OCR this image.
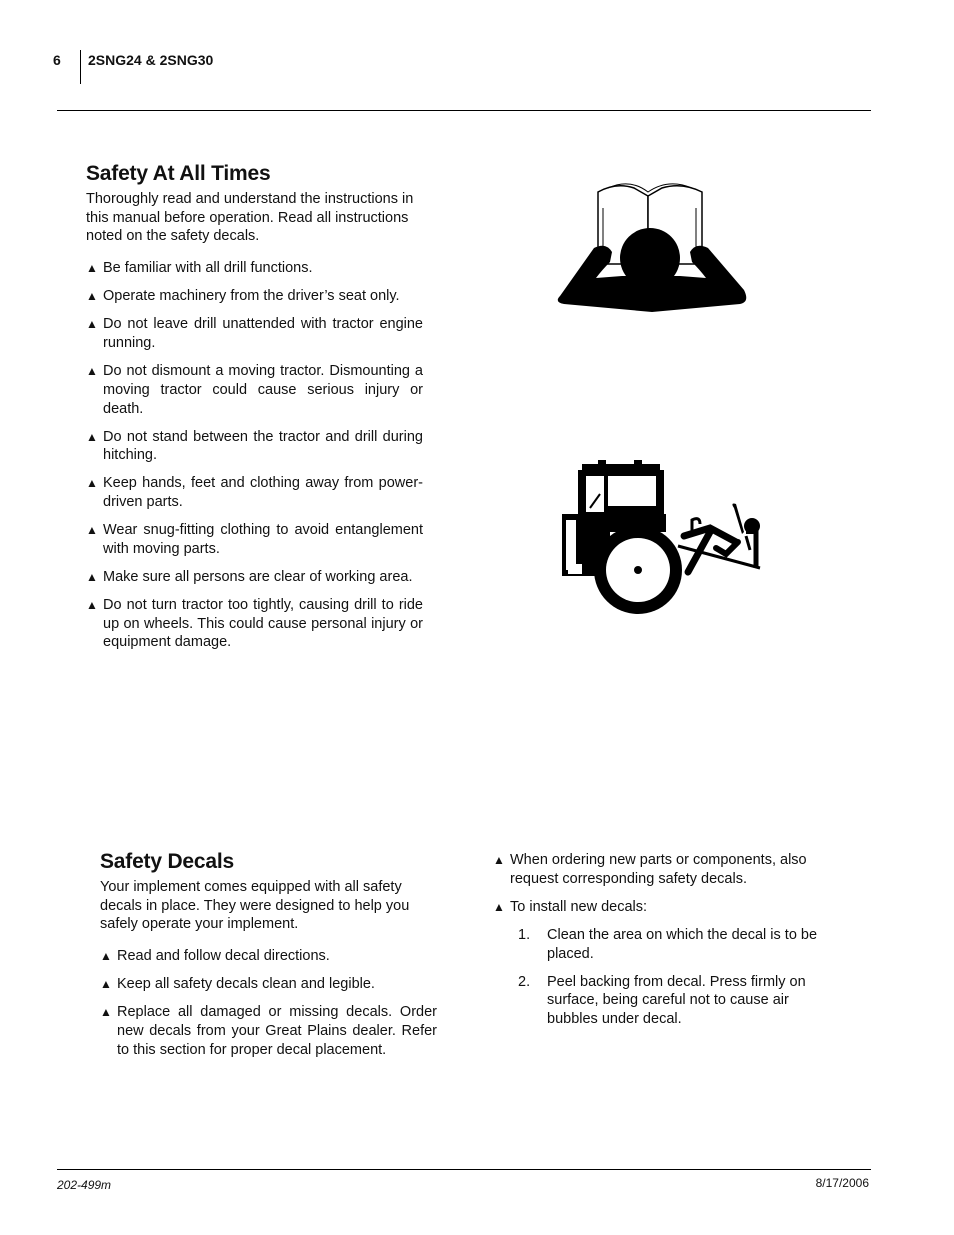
6 2SNG24 & 2SNG30
Safety At All Times

Thoroughly read and understand the instructions in this manual before operation. Read all instructions noted on the safety decals.

▲ Be familiar with all drill functions.
▲ Operate machinery from the driver’s seat only.
▲ Do not leave drill unattended with tractor engine running.
▲ Do not dismount a moving tractor. Dismounting a moving tractor could cause serious injury or death.
▲ Do not stand between the tractor and drill during hitching.
▲ Keep hands, feet and clothing away from power-driven parts.
▲ Wear snug-fitting clothing to avoid entanglement with moving parts.
▲ Make sure all persons are clear of working area.
▲ Do not turn tractor too tightly, causing drill to ride up on wheels. This could cause personal injury or equipment damage.
Safety Decals

Your implement comes equipped with all safety decals in place. They were designed to help you safely operate your implement.

▲ Read and follow decal directions.
▲ Keep all safety decals clean and legible.
▲ Replace all damaged or missing decals. Order new decals from your Great Plains dealer. Refer to this section for proper decal placement.
▲ When ordering new parts or components, also request corresponding safety decals.
▲ To install new decals:
1. Clean the area on which the decal is to be placed.
2. Peel backing from decal. Press firmly on surface, being careful not to cause air bubbles under decal.
202-499m	8/17/2006
